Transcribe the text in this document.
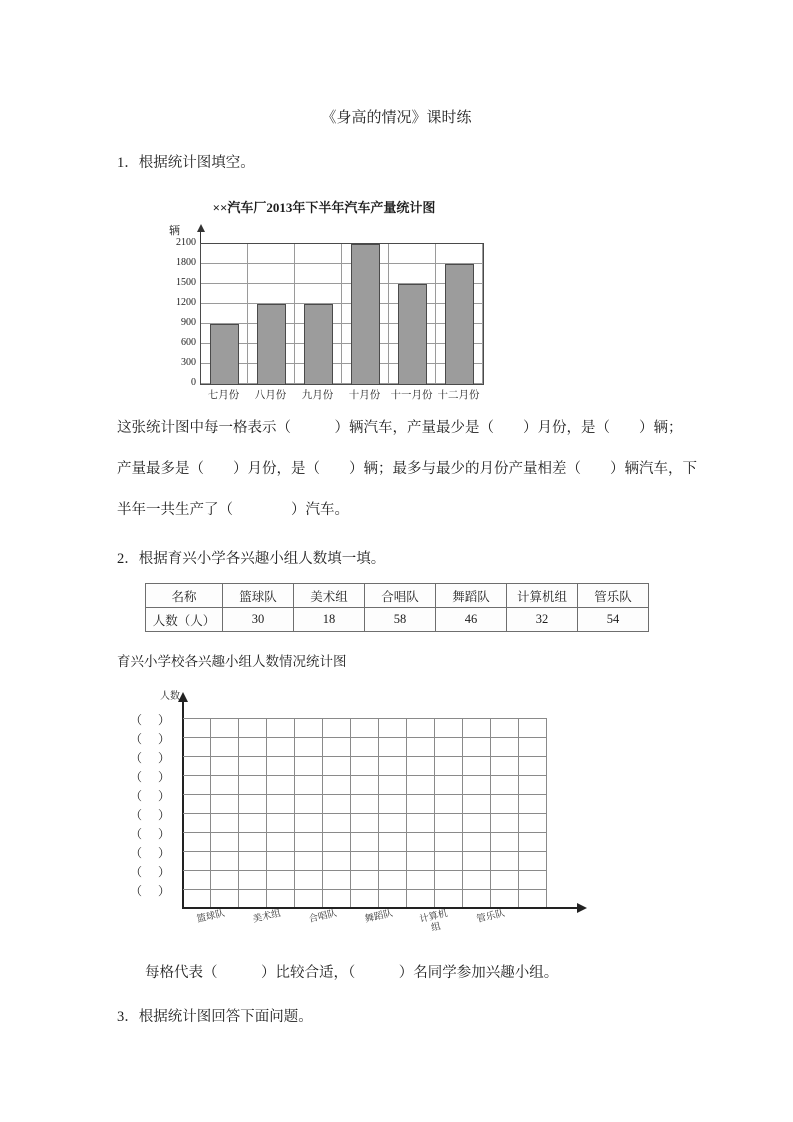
《身高的情况》课时练

1．根据统计图填空。

××汽车厂2013年下半年汽车产量统计图
辆
0
300
600
900
1200
1500
1800
2100
七月份	八月份	九月份	十月份 十一月份 十二月份
这张统计图中每一格表示（　　　）辆汽车，产量最少是（　　）月份，是（　　）辆；
产量最多是（　　）月份，是（　　）辆；最多与最少的月份产量相差（　　）辆汽车，下
半年一共生产了（　　　　）汽车。

2．根据育兴小学各兴趣小组人数填一填。

名称	篮球队	美术组	合唱队	舞蹈队	计算机组	管乐队
人数（人）	30	18	58	46	32	54
育兴小学校各兴趣小组人数情况统计图
人数
（　）
（　）
（　）
（　）
（　）
（　）
（　）
（　）
（　）
（　）
篮球队	美术组	合唱队	舞蹈队	计算机组
管乐队
每格代表（　　　）比较合适，（　　　）名同学参加兴趣小组。

3．根据统计图回答下面问题。
